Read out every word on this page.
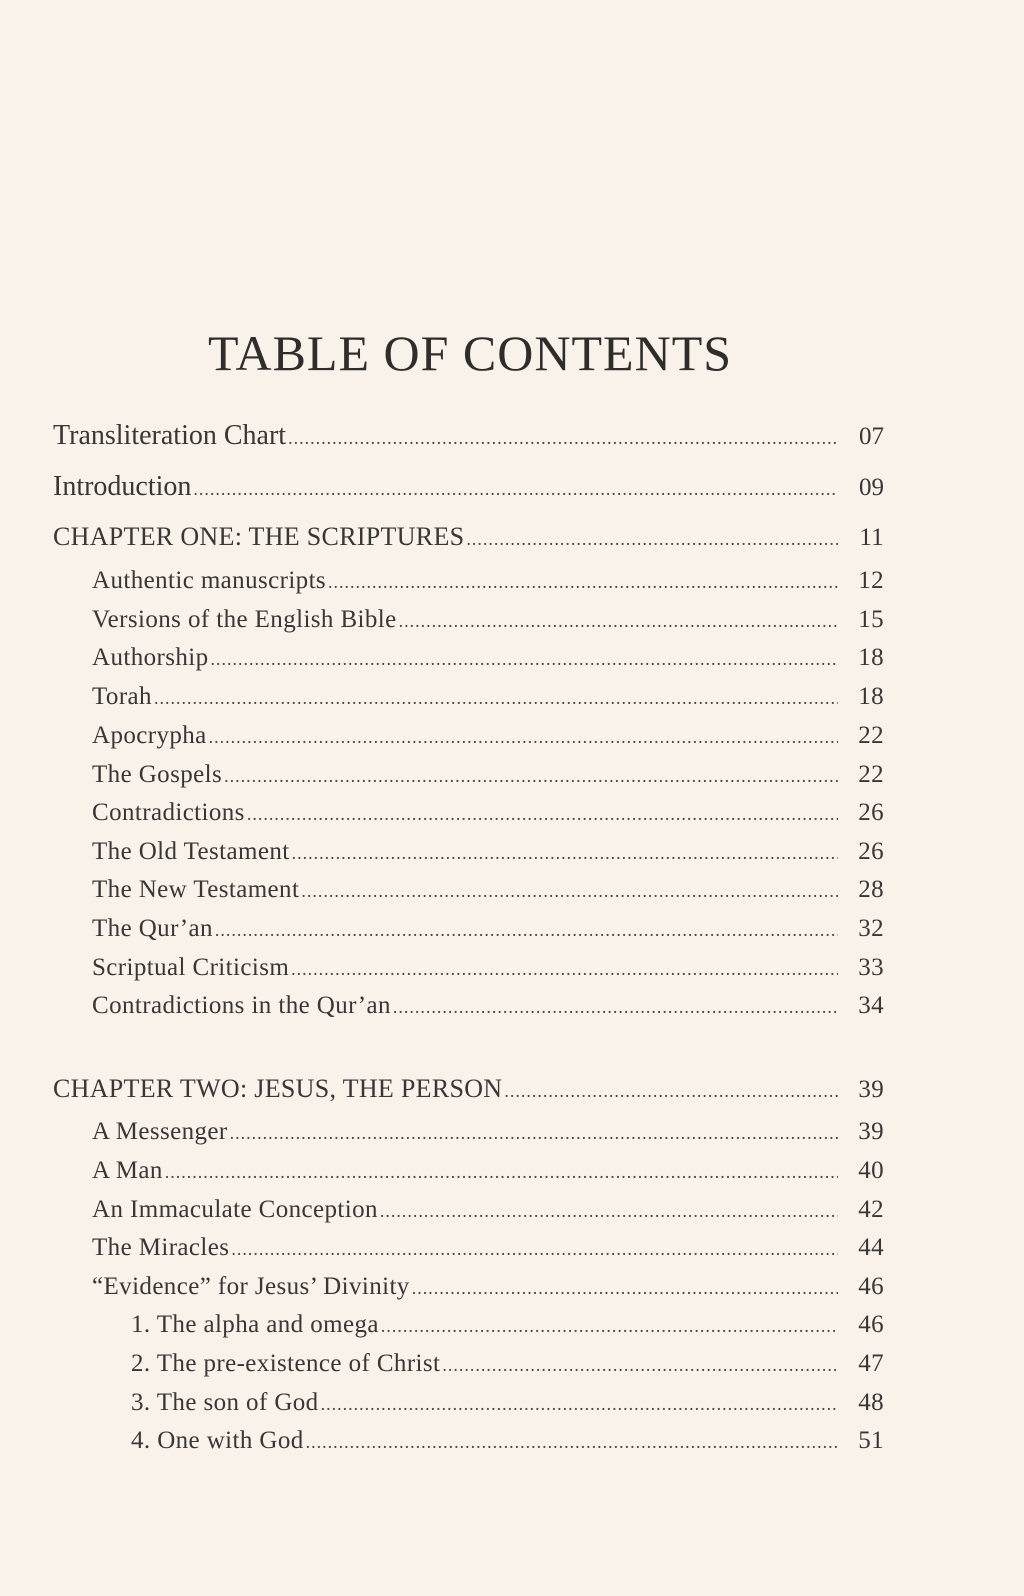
TABLE OF CONTENTS
Transliteration Chart .....	07
Introduction .....	09
CHAPTER ONE: THE SCRIPTURES .....	11
Authentic manuscripts .....	12
Versions of the English Bible .....	15
Authorship .....	18
Torah .....	18
Apocrypha .....	22
The Gospels .....	22
Contradictions .....	26
The Old Testament .....	26
The New Testament .....	28
The Qur’an .....	32
Scriptual Criticism .....	33
Contradictions in the Qur’an .....	34
CHAPTER TWO: JESUS, THE PERSON .....	39
A Messenger .....	39
A Man .....	40
An Immaculate Conception .....	42
The Miracles .....	44
“Evidence” for Jesus’ Divinity .....	46
1. The alpha and omega .....	46
2. The pre-existence of Christ .....	47
3. The son of God .....	48
4. One with God .....	51
